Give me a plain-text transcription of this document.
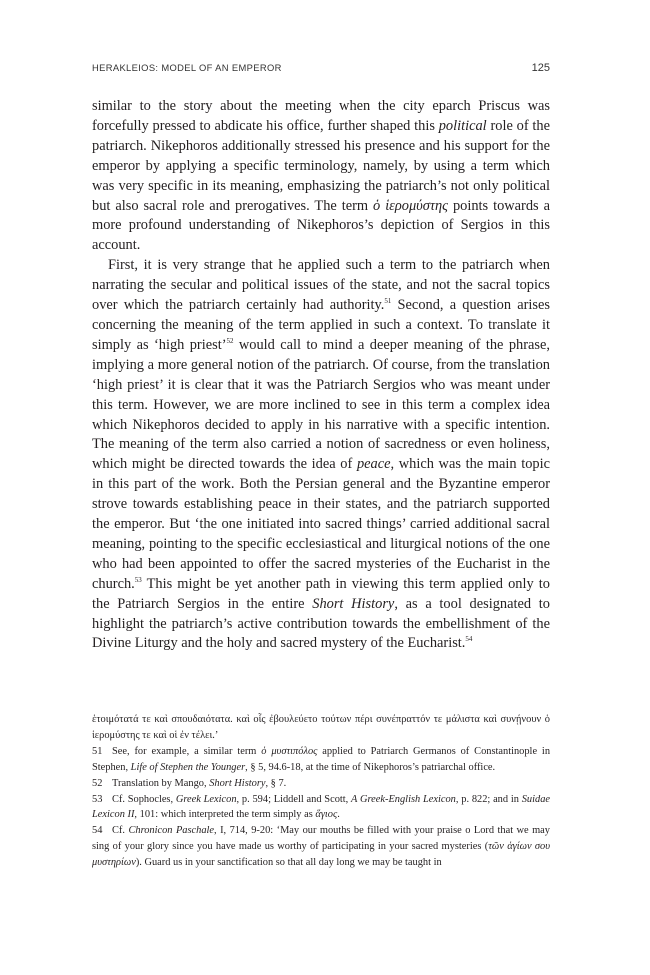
HERAKLEIOS: MODEL OF AN EMPEROR	125

similar to the story about the meeting when the city eparch Priscus was forcefully pressed to abdicate his office, further shaped this political role of the patriarch. Nikephoros additionally stressed his presence and his support for the emperor by applying a specific terminology, namely, by using a term which was very specific in its meaning, emphasizing the patriarch’s not only political but also sacral role and prerogatives. The term ὁ ἱερομύστης points towards a more profound understanding of Nikephoros’s depiction of Sergios in this account.

First, it is very strange that he applied such a term to the patriarch when narrating the secular and political issues of the state, and not the sacral topics over which the patriarch certainly had authority.$^{51}$ Second, a question arises concerning the meaning of the term applied in such a context. To translate it simply as ‘high priest’$^{52}$ would call to mind a deeper meaning of the phrase, implying a more general notion of the patriarch. Of course, from the translation ‘high priest’ it is clear that it was the Patriarch Sergios who was meant under this term. However, we are more inclined to see in this term a complex idea which Nikephoros decided to apply in his narrative with a specific intention. The meaning of the term also carried a notion of sacredness or even holiness, which might be directed towards the idea of peace, which was the main topic in this part of the work. Both the Persian general and the Byzantine emperor strove towards establishing peace in their states, and the patriarch supported the emperor. But ‘the one initiated into sacred things’ carried additional sacral meaning, pointing to the specific ecclesiastical and liturgical notions of the one who had been appointed to offer the sacred mysteries of the Eucharist in the church.$^{53}$ This might be yet another path in viewing this term applied only to the Patriarch Sergios in the entire Short History, as a tool designated to highlight the patriarch’s active contribution towards the embellishment of the Divine Liturgy and the holy and sacred mystery of the Eucharist.$^{54}$

ἑτοιμότατά τε καὶ σπουδαιότατα. καὶ οἷς ἐβουλεύετο τούτων πέρι συνέπραττόν τε μάλιστα καὶ συνῄνουν ὁ ἱερομύστης τε καὶ οἱ ἐν τέλει.’

51 See, for example, a similar term ὁ μυστιπόλος applied to Patriarch Germanos of Constantinople in Stephen, Life of Stephen the Younger, § 5, 94.6-18, at the time of Nikephoros’s patriarchal office.

52 Translation by Mango, Short History, § 7.

53 Cf. Sophocles, Greek Lexicon, p. 594; Liddell and Scott, A Greek-English Lexicon, p. 822; and in Suidae Lexicon II, 101: which interpreted the term simply as ἅγιος.

54 Cf. Chronicon Paschale, I, 714, 9-20: ‘May our mouths be filled with your praise o Lord that we may sing of your glory since you have made us worthy of participating in your sacred mysteries (τῶν ἁγίων σου μυστηρίων). Guard us in your sanctification so that all day long we may be taught in
